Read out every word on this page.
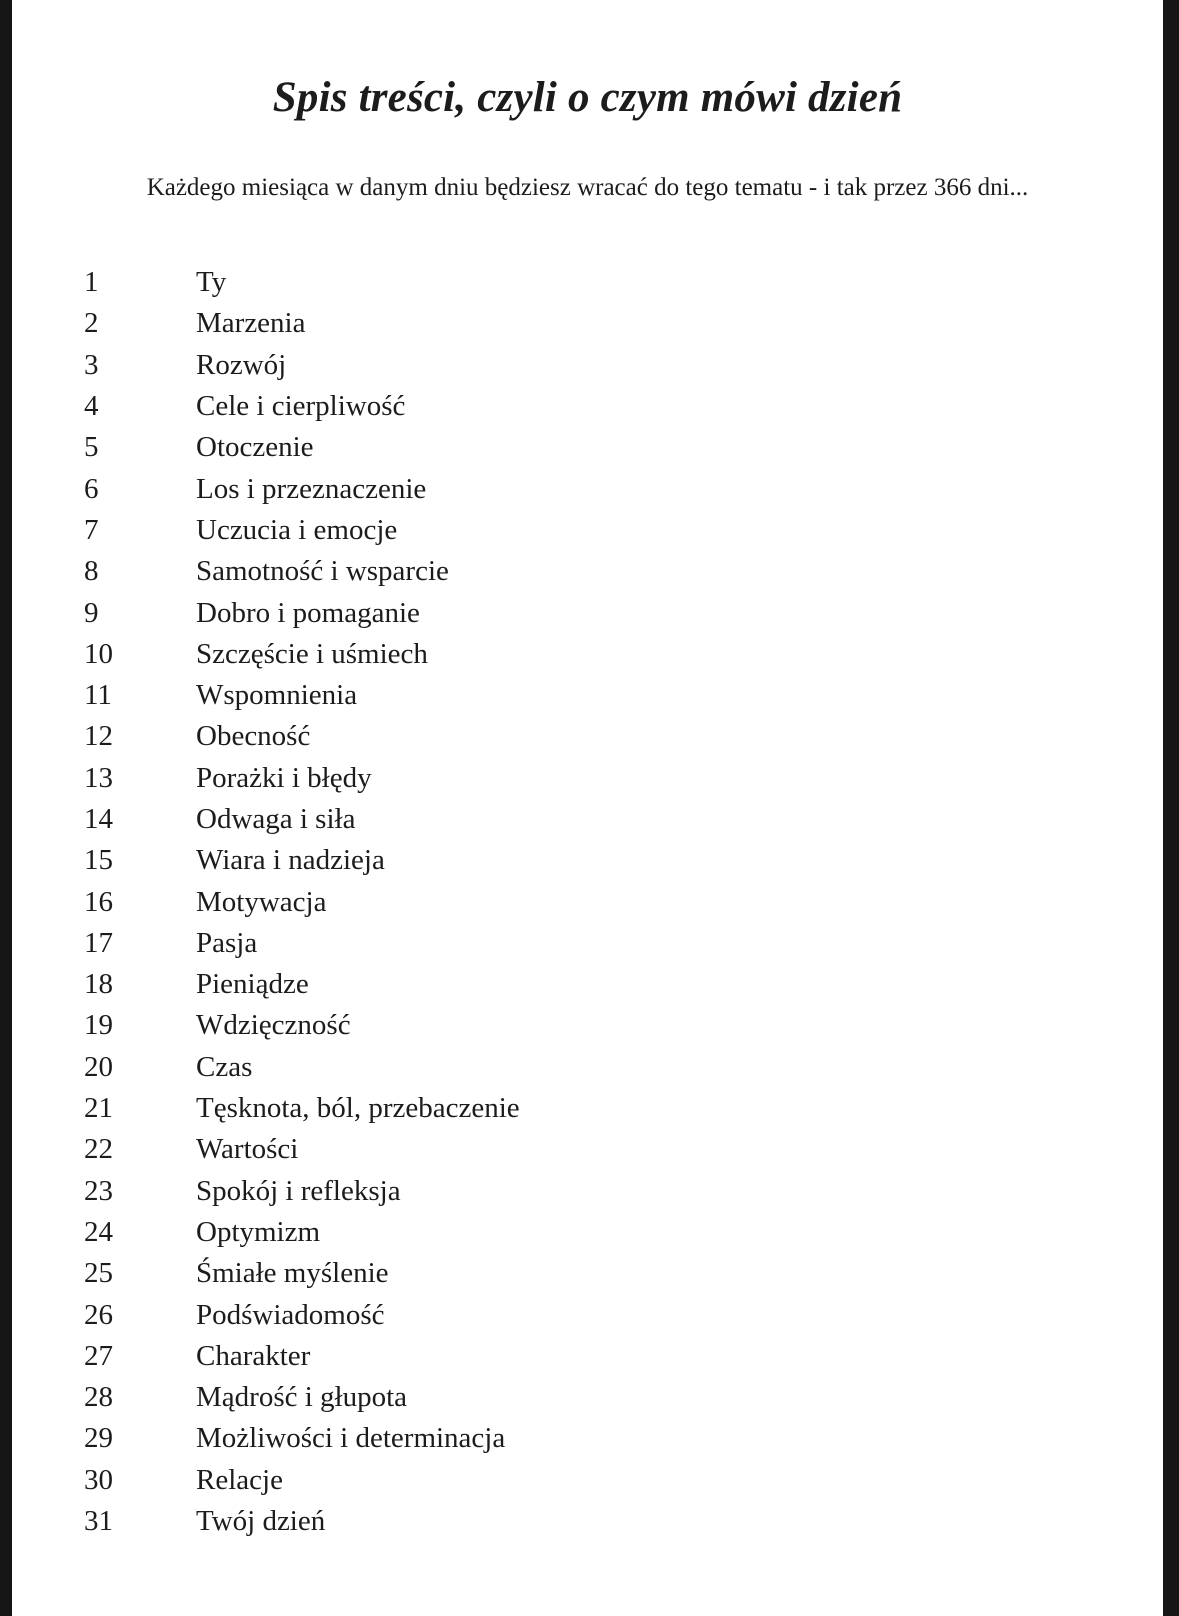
Spis treści, czyli o czym mówi dzień

Każdego miesiąca w danym dniu będziesz wracać do tego tematu - i tak przez 366 dni...

1	Ty
2	Marzenia
3	Rozwój
4	Cele i cierpliwość
5	Otoczenie
6	Los i przeznaczenie
7	Uczucia i emocje
8	Samotność i wsparcie
9	Dobro i pomaganie
10	Szczęście i uśmiech
11	Wspomnienia
12	Obecność
13	Porażki i błędy
14	Odwaga i siła
15	Wiara i nadzieja
16	Motywacja
17	Pasja
18	Pieniądze
19	Wdzięczność
20	Czas
21	Tęsknota, ból, przebaczenie
22	Wartości
23	Spokój i refleksja
24	Optymizm
25	Śmiałe myślenie
26	Podświadomość
27	Charakter
28	Mądrość i głupota
29	Możliwości i determinacja
30	Relacje
31	Twój dzień
